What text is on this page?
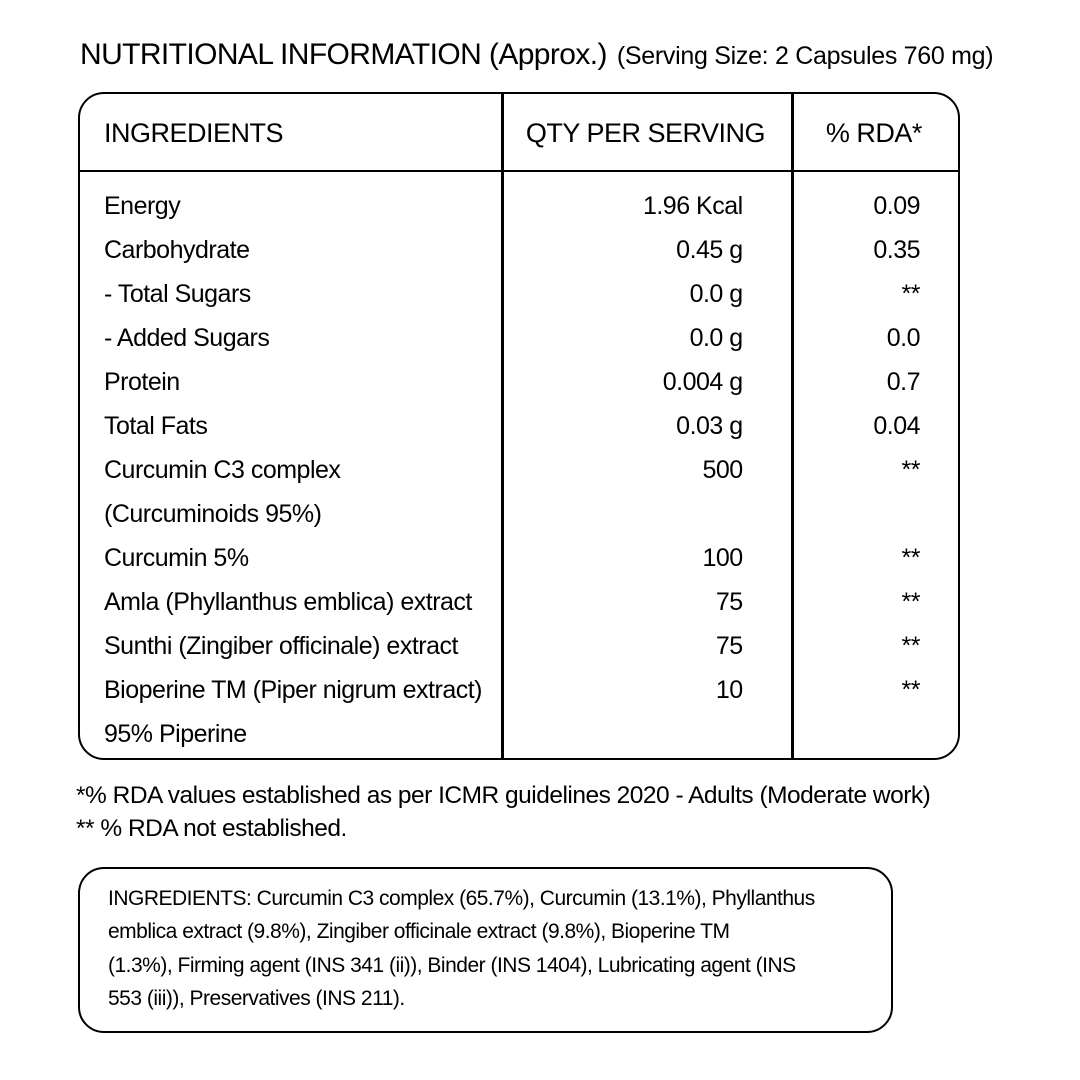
NUTRITIONAL INFORMATION (Approx.) (Serving Size: 2 Capsules 760 mg)
INGREDIENTS	QTY PER SERVING	% RDA*
Energy	1.96 Kcal	0.09
Carbohydrate	0.45 g	0.35
- Total Sugars	0.0 g	**
- Added Sugars	0.0 g	0.0
Protein	0.004 g	0.7
Total Fats	0.03 g	0.04
Curcumin C3 complex	500	**
(Curcuminoids 95%)
Curcumin 5%	100	**
Amla (Phyllanthus emblica) extract	75	**
Sunthi (Zingiber officinale) extract	75	**
Bioperine TM (Piper nigrum extract)	10	**
95% Piperine
*% RDA values established as per ICMR guidelines 2020 - Adults (Moderate work)
** % RDA not established.
INGREDIENTS: Curcumin C3 complex (65.7%), Curcumin (13.1%), Phyllanthus
emblica extract (9.8%), Zingiber officinale extract (9.8%), Bioperine TM
(1.3%), Firming agent (INS 341 (ii)), Binder (INS 1404), Lubricating agent (INS
553 (iii)), Preservatives (INS 211).
